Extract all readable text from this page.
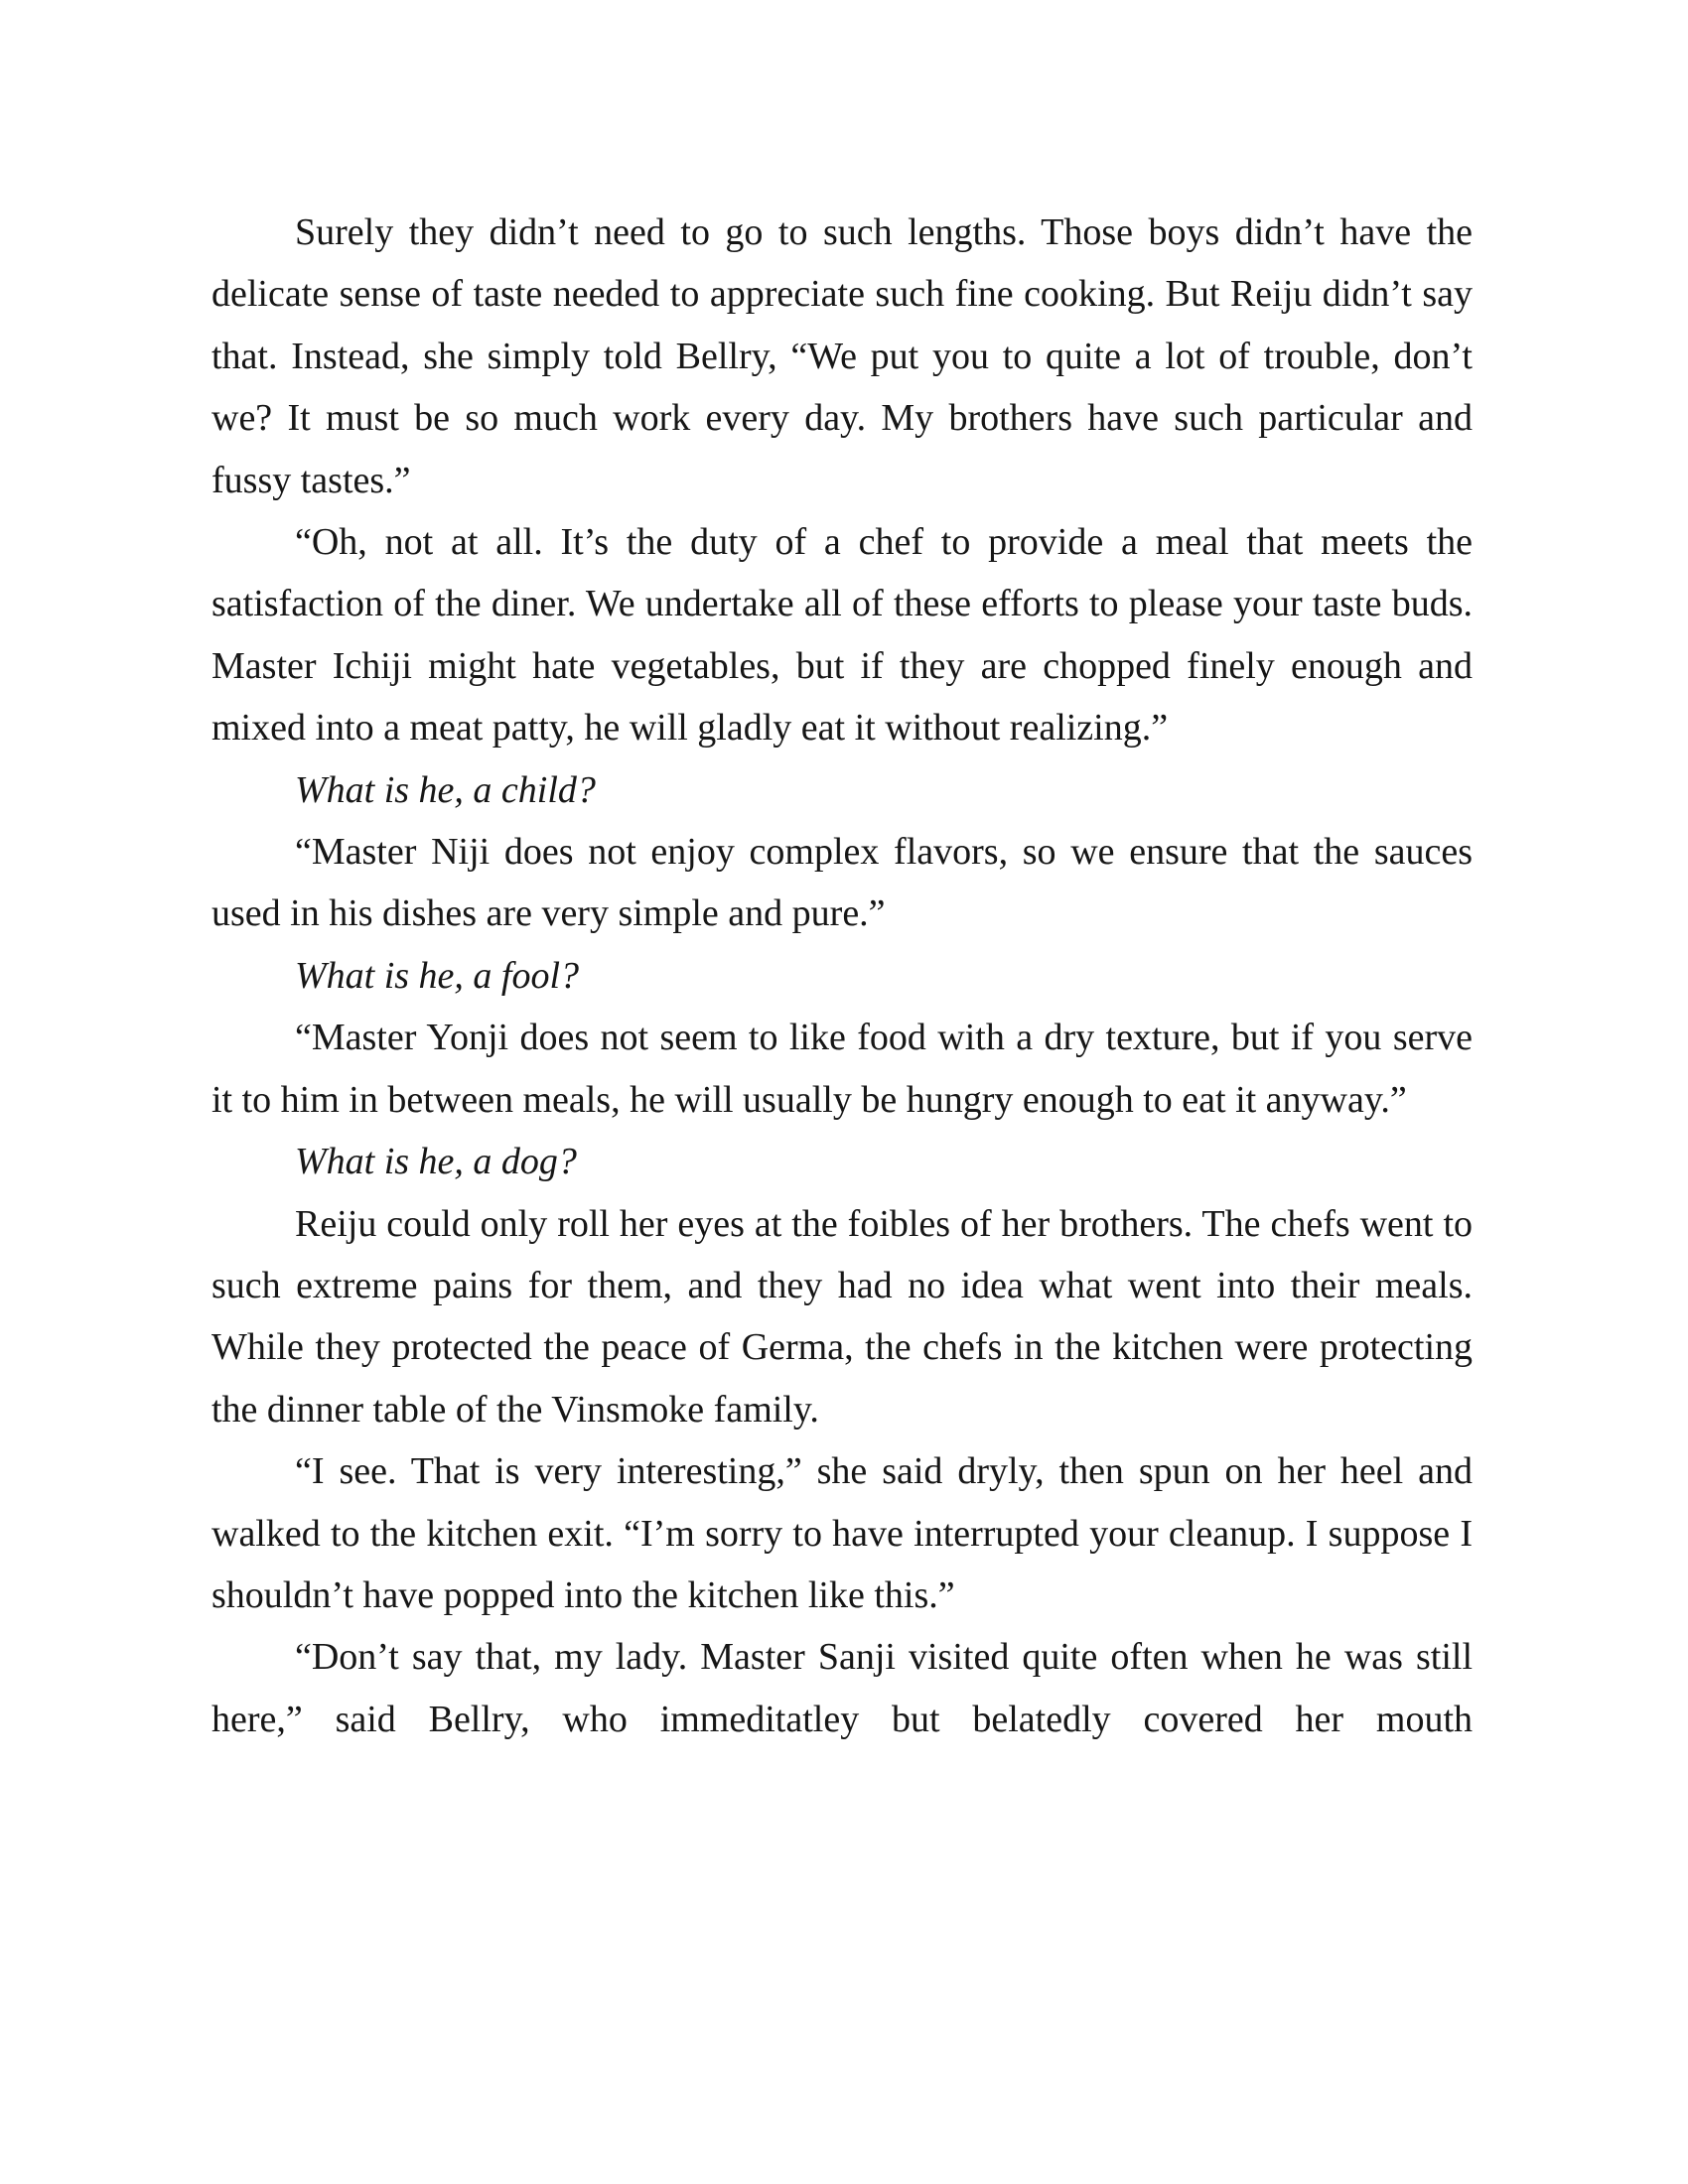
Surely they didn’t need to go to such lengths. Those boys didn’t have the delicate sense of taste needed to appreciate such fine cooking. But Reiju didn’t say that. Instead, she simply told Bellry, “We put you to quite a lot of trouble, don’t we? It must be so much work every day. My brothers have such particular and fussy tastes.”

“Oh, not at all. It’s the duty of a chef to provide a meal that meets the satisfaction of the diner. We undertake all of these efforts to please your taste buds. Master Ichiji might hate vegetables, but if they are chopped finely enough and mixed into a meat patty, he will gladly eat it without realizing.”

What is he, a child?

“Master Niji does not enjoy complex flavors, so we ensure that the sauces used in his dishes are very simple and pure.”

What is he, a fool?

“Master Yonji does not seem to like food with a dry texture, but if you serve it to him in between meals, he will usually be hungry enough to eat it anyway.”

What is he, a dog?

Reiju could only roll her eyes at the foibles of her brothers. The chefs went to such extreme pains for them, and they had no idea what went into their meals. While they protected the peace of Germa, the chefs in the kitchen were protecting the dinner table of the Vinsmoke family.

“I see. That is very interesting,” she said dryly, then spun on her heel and walked to the kitchen exit. “I’m sorry to have interrupted your cleanup. I suppose I shouldn’t have popped into the kitchen like this.”

“Don’t say that, my lady. Master Sanji visited quite often when he was still here,” said Bellry, who immeditatley but belatedly covered her mouth
